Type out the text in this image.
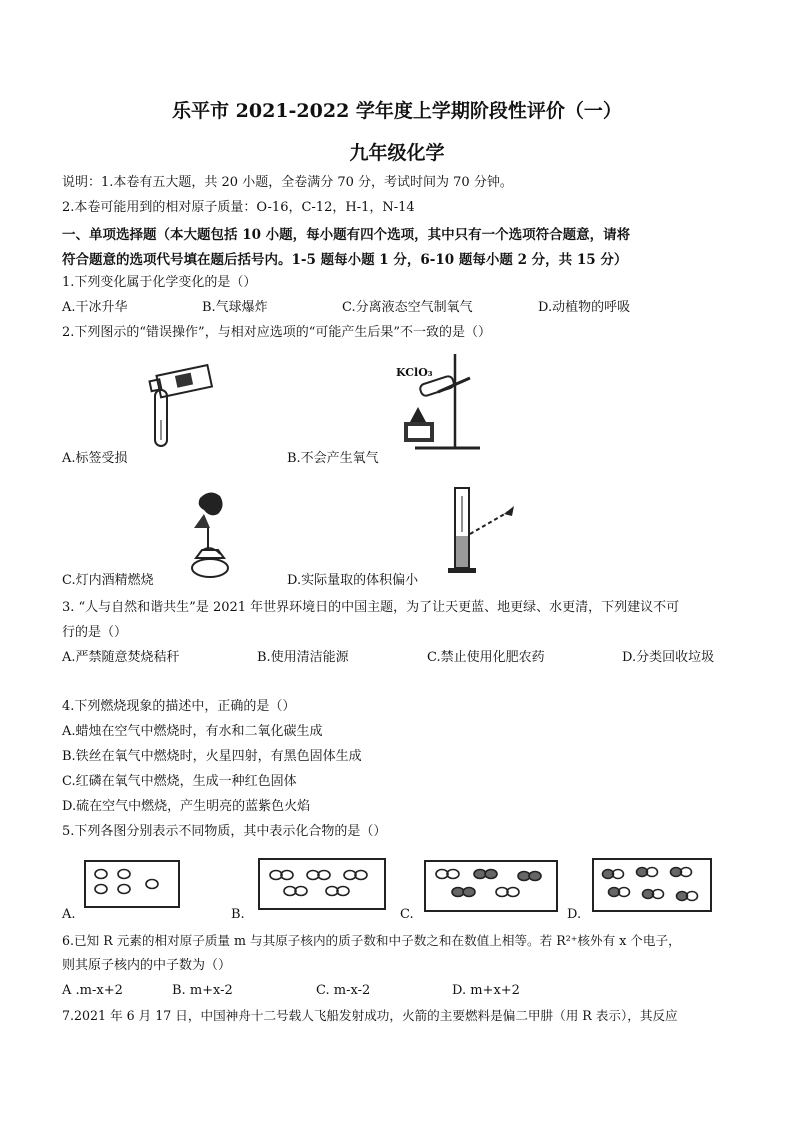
乐平市 2021-2022 学年度上学期阶段性评价（一）
九年级化学
说明：1.本卷有五大题，共 20 小题，全卷满分 70 分，考试时间为 70 分钟。
2.本卷可能用到的相对原子质量：O-16，C-12，H-1，N-14
一、单项选择题（本大题包括 10 小题，每小题有四个选项，其中只有一个选项符合题意，请将
符合题意的选项代号填在题后括号内。1-5 题每小题 1 分，6-10 题每小题 2 分，共 15 分）
1.下列变化属于化学变化的是（）
A.干冰升华	B.气球爆炸	C.分离液态空气制氧气	D.动植物的呼吸
2.下列图示的“错误操作”，与相对应选项的“可能产生后果”不一致的是（）
KClO₃
A.标签受损	B.不会产生氧气
C.灯内酒精燃烧	D.实际量取的体积偏小
3. “人与自然和谐共生”是 2021 年世界环境日的中国主题，为了让天更蓝、地更绿、水更清，下列建议不可
行的是（）
A.严禁随意焚烧秸秆	B.使用清洁能源	C.禁止使用化肥农药	D.分类回收垃圾
4.下列燃烧现象的描述中，正确的是（）
A.蜡烛在空气中燃烧时，有水和二氧化碳生成
B.铁丝在氧气中燃烧时，火星四射，有黑色固体生成
C.红磷在氧气中燃烧，生成一种红色固体
D.硫在空气中燃烧，产生明亮的蓝紫色火焰
5.下列各图分别表示不同物质，其中表示化合物的是（）
A.	B.	C.	D.
6.已知 R 元素的相对原子质量 m 与其原子核内的质子数和中子数之和在数值上相等。若 R²⁺核外有 x 个电子，
则其原子核内的中子数为（）
A .m-x+2	B. m+x-2	C. m-x-2	D. m+x+2
7.2021 年 6 月 17 日，中国神舟十二号载人飞船发射成功，火箭的主要燃料是偏二甲肼（用 R 表示），其反应
